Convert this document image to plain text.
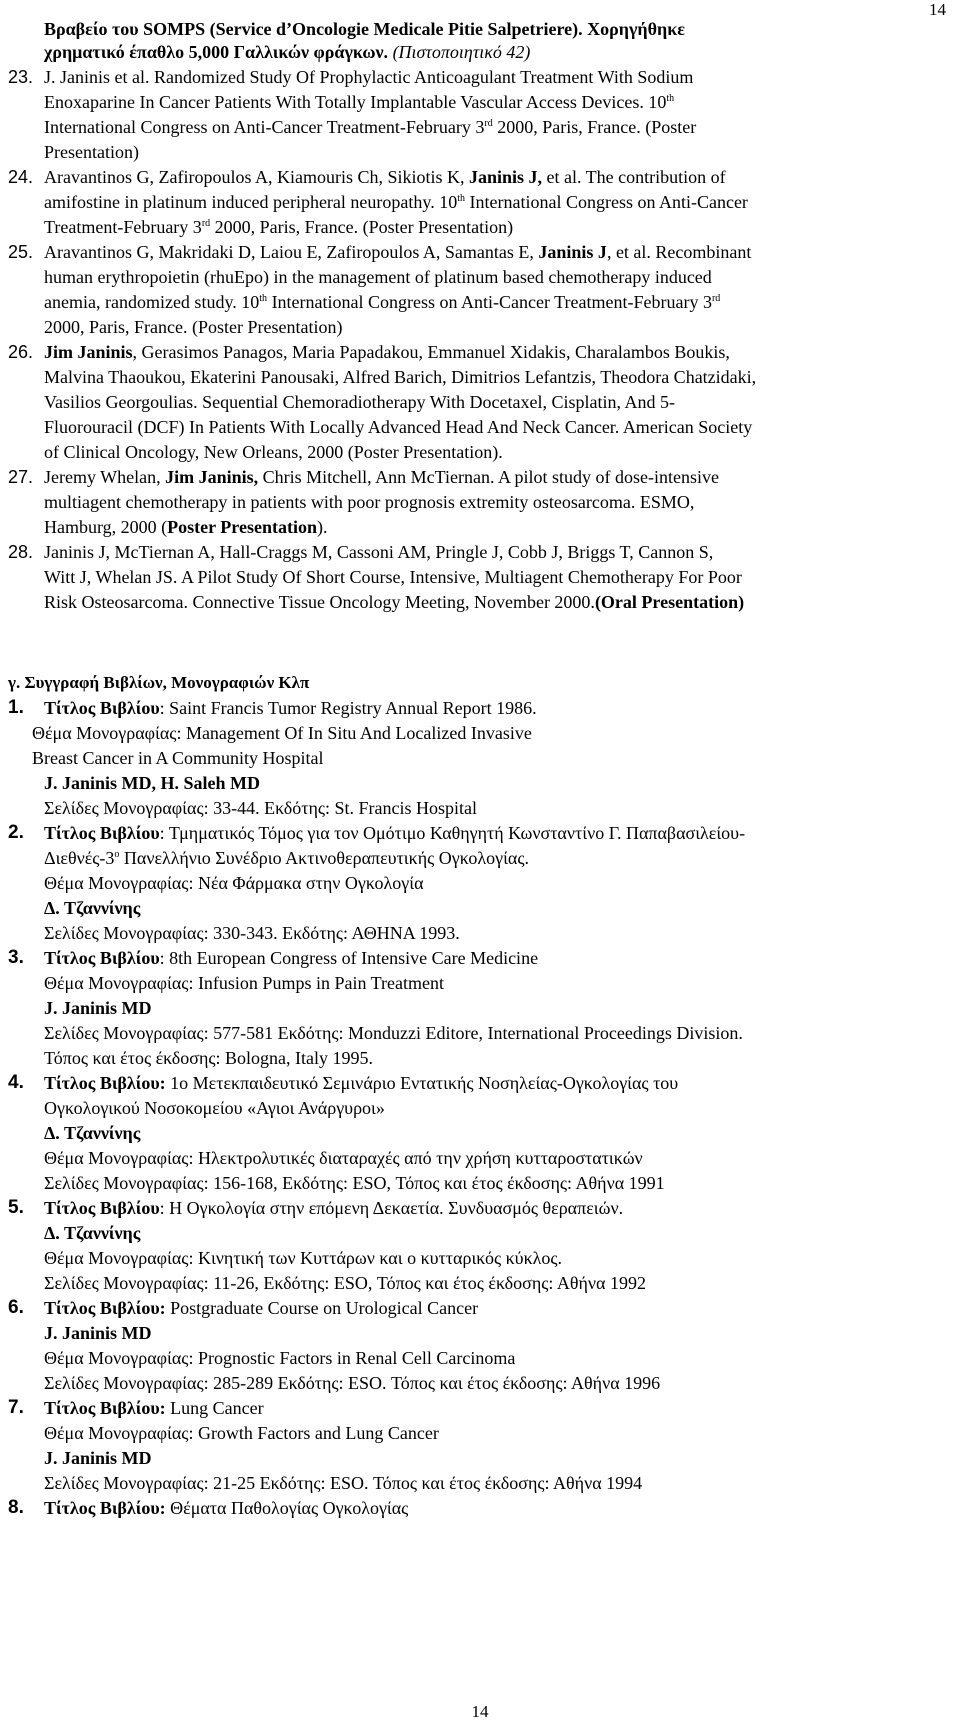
14
Βραβείο του SOMPS (Service d’Oncologie Medicale Pitie Salpetriere). Χορηγήθηκε
χρηματικό έπαθλο 5,000 Γαλλικών φράγκων. (Πιστοποιητικό 42)
23. J. Janinis et al. Randomized Study Of Prophylactic Anticoagulant Treatment With Sodium
Enoxaparine In Cancer Patients With Totally Implantable Vascular Access Devices. 10th
International Congress on Anti-Cancer Treatment-February 3rd 2000, Paris, France. (Poster
Presentation)
24. Aravantinos G, Zafiropoulos A, Kiamouris Ch, Sikiotis K, Janinis J, et al. The contribution of
amifostine in platinum induced peripheral neuropathy. 10th International Congress on Anti-Cancer
Treatment-February 3rd 2000, Paris, France. (Poster Presentation)
25. Aravantinos G, Makridaki D, Laiou E, Zafiropoulos A, Samantas E, Janinis J, et al. Recombinant
human erythropoietin (rhuEpo) in the management of platinum based chemotherapy induced
anemia, randomized study. 10th International Congress on Anti-Cancer Treatment-February 3rd
2000, Paris, France. (Poster Presentation)
26. Jim Janinis, Gerasimos Panagos, Maria Papadakou, Emmanuel Xidakis, Charalambos Boukis,
Malvina Thaoukou, Ekaterini Panousaki, Alfred Barich, Dimitrios Lefantzis, Theodora Chatzidaki,
Vasilios Georgoulias. Sequential Chemoradiotherapy With Docetaxel, Cisplatin, And 5-
Fluorouracil (DCF) In Patients With Locally Advanced Head And Neck Cancer. American Society
of Clinical Oncology, New Orleans, 2000 (Poster Presentation).
27. Jeremy Whelan, Jim Janinis, Chris Mitchell, Ann McTiernan. A pilot study of dose-intensive
multiagent chemotherapy in patients with poor prognosis extremity osteosarcoma. ESMO,
Hamburg, 2000 (Poster Presentation).
28. Janinis J, McTiernan A, Hall-Craggs M, Cassoni AM, Pringle J, Cobb J, Briggs T, Cannon S,
Witt J, Whelan JS. A Pilot Study Of Short Course, Intensive, Multiagent Chemotherapy For Poor
Risk Osteosarcoma. Connective Tissue Oncology Meeting, November 2000.(Oral Presentation)
γ. Συγγραφή Βιβλίων, Μονογραφιών Κλπ
1. Τίτλος Βιβλίου: Saint Francis Tumor Registry Annual Report 1986.
Θέμα Μονογραφίας: Management Of In Situ And Localized Invasive
Breast Cancer in A Community Hospital
J. Janinis MD, H. Saleh MD
Σελίδες Μονογραφίας: 33-44. Εκδότης: St. Francis Hospital
2. Τίτλος Βιβλίου: Τμηματικός Τόμος για τον Ομότιμο Καθηγητή Κωνσταντίνο Γ. Παπαβασιλείου-
Διεθνές-$3^o$ Πανελλήνιο Συνέδριο Ακτινοθεραπευτικής Ογκολογίας.
Θέμα Μονογραφίας: Νέα Φάρμακα στην Ογκολογία
Δ. Τζαννίνης
Σελίδες Μονογραφίας: 330-343. Εκδότης: ΑΘΗΝΑ 1993.
3. Τίτλος Βιβλίου: 8th European Congress of Intensive Care Medicine
Θέμα Μονογραφίας: Infusion Pumps in Pain Treatment
J. Janinis MD
Σελίδες Μονογραφίας: 577-581 Εκδότης: Monduzzi Editore, International Proceedings Division.
Τόπος και έτος έκδοσης: Bologna, Italy 1995.
4. Τίτλος Βιβλίου: 1ο Μετεκπαιδευτικό Σεμινάριο Εντατικής Νοσηλείας-Ογκολογίας του
Ογκολογικού Νοσοκομείου «Αγιοι Ανάργυροι»
Δ. Τζαννίνης
Θέμα Μονογραφίας: Ηλεκτρολυτικές διαταραχές από την χρήση κυτταροστατικών
Σελίδες Μονογραφίας: 156-168, Εκδότης: ESO, Τόπος και έτος έκδοσης: Αθήνα 1991
5. Τίτλος Βιβλίου: Η Ογκολογία στην επόμενη Δεκαετία. Συνδυασμός θεραπειών.
Δ. Τζαννίνης
Θέμα Μονογραφίας: Κινητική των Κυττάρων και ο κυτταρικός κύκλος.
Σελίδες Μονογραφίας: 11-26, Εκδότης: ESO, Τόπος και έτος έκδοσης: Αθήνα 1992
6. Τίτλος Βιβλίου: Postgraduate Course on Urological Cancer
J. Janinis MD
Θέμα Μονογραφίας: Prognostic Factors in Renal Cell Carcinoma
Σελίδες Μονογραφίας: 285-289 Εκδότης: ESO. Τόπος και έτος έκδοσης: Αθήνα 1996
7. Τίτλος Βιβλίου: Lung Cancer
Θέμα Μονογραφίας: Growth Factors and Lung Cancer
J. Janinis MD
Σελίδες Μονογραφίας: 21-25 Εκδότης: ESO. Τόπος και έτος έκδοσης: Αθήνα 1994
8. Τίτλος Βιβλίου: Θέματα Παθολογίας Ογκολογίας
14
